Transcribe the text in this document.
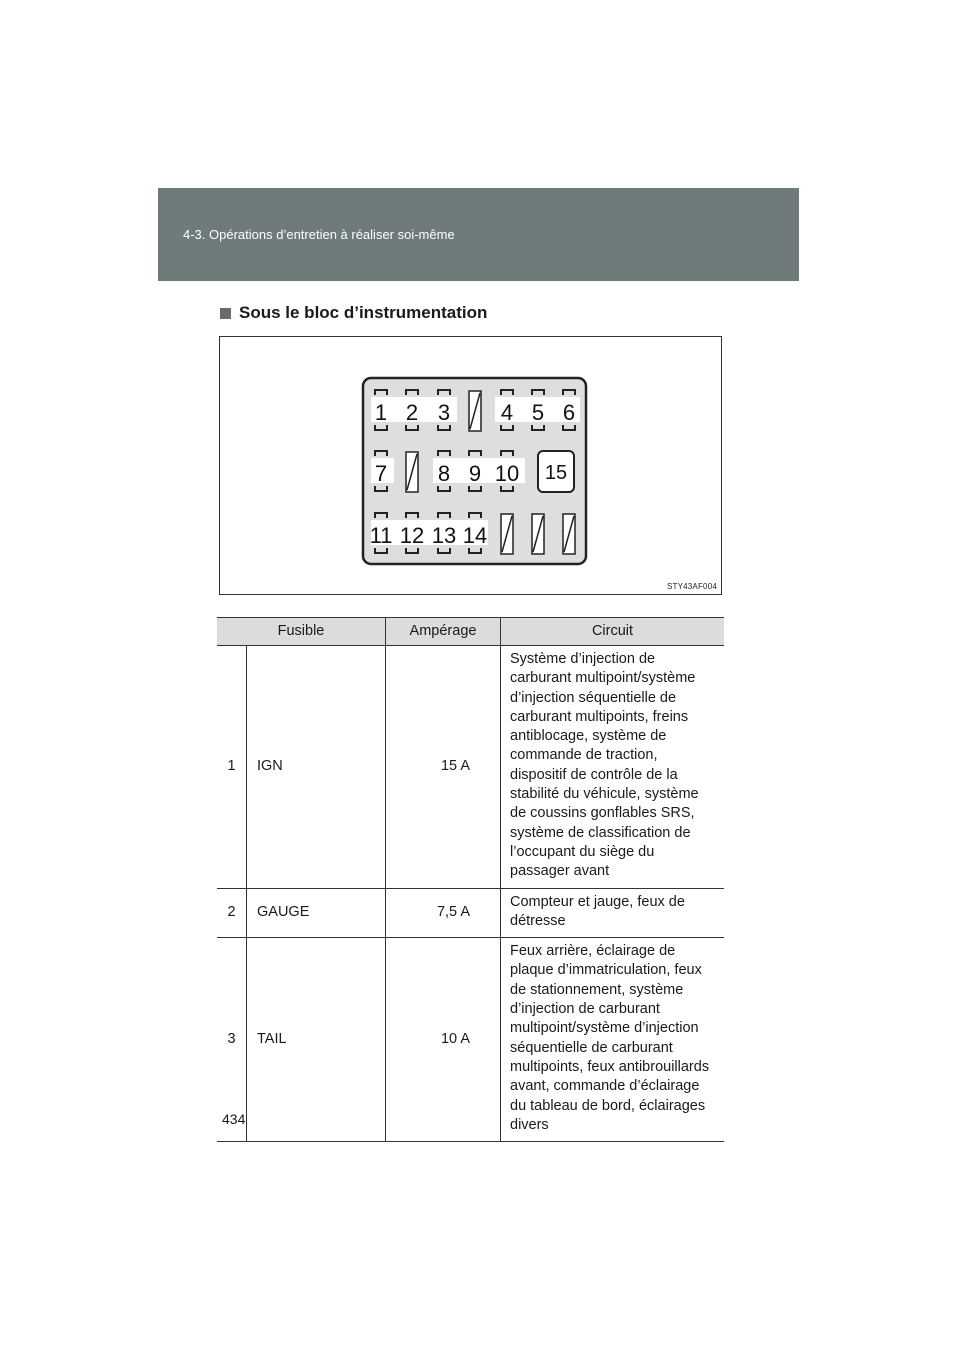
4-3. Opérations d’entretien à réaliser soi-même
Sous le bloc d’instrumentation
1 2 3 4 5 6
7 8 9 10
11 12 13 14
15
STY43AF004
Fusible		Ampérage	Circuit
1	IGN	15 A	Système d’injection de carburant multipoint/système d’injection séquentielle de carburant multipoints, freins antiblocage, système de commande de traction, dispositif de contrôle de la stabilité du véhicule, système de coussins gonflables SRS, système de classification de l’occupant du siège du passager avant
2	GAUGE	7,5 A	Compteur et jauge, feux de détresse
3	TAIL	10 A	Feux arrière, éclairage de plaque d’immatriculation, feux de stationnement, système d’injection de carburant multipoint/système d’injection séquentielle de carburant multipoints, feux antibrouillards avant, commande d’éclairage du tableau de bord, éclairages divers
434
